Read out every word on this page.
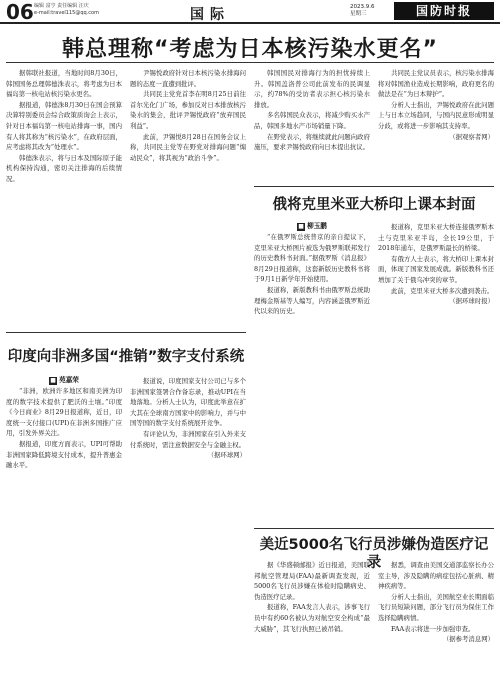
06 编辑 富亨 责任编辑 汪庆
e-mail:travel115@qq.com	国际	2023.9.6
星期三	国防时报
韩总理称“考虑为日本核污染水更名”

据韩联社报道，当地时间8月30日，韩国国务总理韩德洙表示，将考虑为日本福岛第一核电站核污染水更名。

据报道，韩德洙8月30日在国会预算决算特别委员会综合政策质询会上表示，针对日本福岛第一核电站排海一事，国内有人将其称为“核污染水”，在政府层面，应考虑将其改为“处理水”。

韩德洙表示，将与日本及国际原子能机构保持沟通，密切关注排海的后续情况。

尹锡悦政府针对日本核污染水排海问题的态度一直遭到批评。

共同民主党党首李在明8月25日前往首尔光化门广场，参加反对日本排放核污染水的集会，批评尹锡悦政府“放弃国民利益”。

此前，尹锡悦8月28日在国务会议上称，共同民主党等在野党对排海问题“煽动民众”，将其视为“政治斗争”。

韩国国民对排海行为的担忧持续上升。韩国盖洛普公司此前发布的民调显示，约78%的受访者表示担心核污染水排放。

多名韩国民众表示，将减少购买水产品，韩国多地水产市场销量下降。

在野党表示，将继续就此问题向政府施压，要求尹锡悦政府向日本提出抗议。

共同民主党议员表示，核污染水排海将对韩国渔业造成长期影响，政府更名的做法是在“为日本辩护”。

分析人士指出，尹锡悦政府在此问题上与日本立场趋同，与国内民意形成明显分歧，或将进一步影响其支持率。

（据观察者网）
印度向非洲多国“推销”数字支付系统
■ 苑嘉荣

“非洲，欧洲许多地区和南美洲为印度的数字技术提供了肥沃的土壤。”印度《今日商业》8月29日报道称，近日，印度统一支付接口(UPI)在非洲多国推广应用，引发外界关注。

据报道，印度方面表示，UPI可帮助非洲国家降低跨境支付成本，提升普惠金融水平。

报道说，印度国家支付公司已与多个非洲国家签署合作备忘录，推动UPI在当地落地。分析人士认为，印度此举意在扩大其在全球南方国家中的影响力，并与中国等国的数字支付系统展开竞争。

有评论认为，非洲国家在引入外来支付系统时，需注意数据安全与金融主权。

（据环球网）
俄将克里米亚大桥印上课本封面
■ 柳玉鹏

“在俄罗斯总统普京的亲自提议下，克里米亚大桥图片被选为俄罗斯联邦发行的历史教科书封面。”据俄罗斯《消息报》8月29日报道称，这套新版历史教科书将于9月1日新学年开始使用。

报道称，新版教科书由俄罗斯总统助理梅金斯基等人编写，内容涵盖俄罗斯近代以来的历史。

报道称，克里米亚大桥连接俄罗斯本土与克里米亚半岛，全长19公里，于2018年通车，是俄罗斯最长的桥梁。

有俄方人士表示，将大桥印上课本封面，体现了国家发展成就。新版教科书还增加了关于俄乌冲突的章节。

此前，克里米亚大桥多次遭到袭击。

（据环球时报）
美近5000名飞行员涉嫌伪造医疗记录

据《华盛顿邮报》近日报道，美国联邦航空管理局(FAA)最新调查发现，近5000名飞行员涉嫌在体检时隐瞒病史、伪造医疗记录。

报道称，FAA发言人表示，涉事飞行员中有约60名被认为对航空安全构成“最大威胁”，其飞行执照已被吊销。

据悉，调查由美国交通部监察长办公室主导，涉及隐瞒的病症包括心脏病、精神疾病等。

分析人士指出，美国航空业长期面临飞行员短缺问题，部分飞行员为保住工作选择隐瞒病情。

FAA表示将进一步加强审查。

（据参考消息网）
